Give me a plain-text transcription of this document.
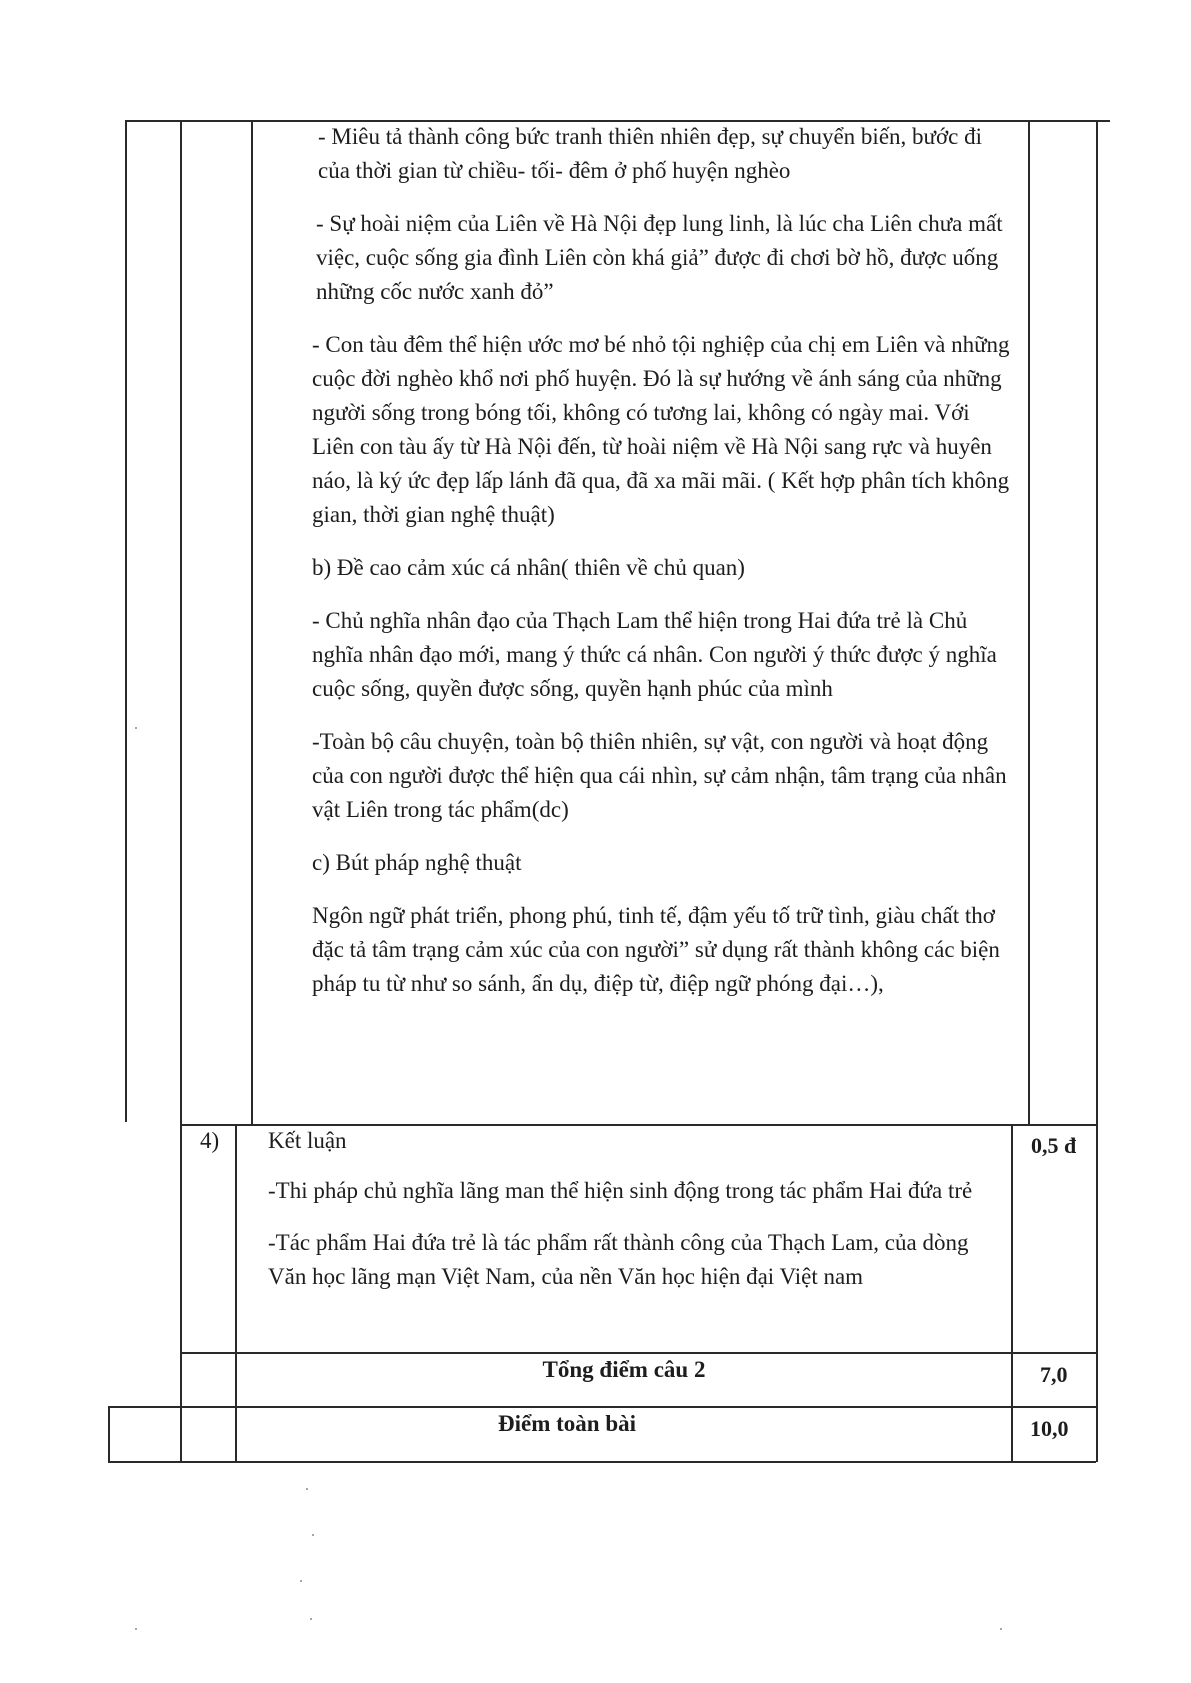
- Miêu tả thành công bức tranh thiên nhiên đẹp, sự chuyển biến, bước đi của thời gian từ chiều- tối- đêm ở phố huyện nghèo

- Sự hoài niệm của Liên về Hà Nội đẹp lung linh, là lúc cha Liên chưa mất việc, cuộc sống gia đình Liên còn khá giả” được đi chơi bờ hồ, được uống những cốc nước xanh đỏ”

- Con tàu đêm thể hiện ước mơ bé nhỏ tội nghiệp của chị em Liên và những cuộc đời nghèo khổ nơi phố huyện. Đó là sự hướng về ánh sáng của những người sống trong bóng tối, không có tương lai, không có ngày mai. Với Liên con tàu ấy từ Hà Nội đến, từ hoài niệm về Hà Nội sang rực và huyên náo, là ký ức đẹp lấp lánh đã qua, đã xa mãi mãi. ( Kết hợp phân tích không gian, thời gian nghệ thuật)

b) Đề cao cảm xúc cá nhân( thiên về chủ quan)

- Chủ nghĩa nhân đạo của Thạch Lam thể hiện trong Hai đứa trẻ là Chủ nghĩa nhân đạo mới, mang ý thức cá nhân. Con người ý thức được ý nghĩa cuộc sống, quyền được sống, quyền hạnh phúc của mình

-Toàn bộ câu chuyện, toàn bộ thiên nhiên, sự vật, con người và hoạt động của con người được thể hiện qua cái nhìn, sự cảm nhận, tâm trạng của nhân vật Liên trong tác phẩm(dc)

c) Bút pháp nghệ thuật

Ngôn ngữ phát triển, phong phú, tinh tế, đậm yếu tố trữ tình, giàu chất thơ đặc tả tâm trạng cảm xúc của con người” sử dụng rất thành không các biện pháp tu từ như so sánh, ẩn dụ, điệp từ, điệp ngữ phóng đại…),

4) Kết luận

-Thi pháp chủ nghĩa lãng man thể hiện sinh động trong tác phẩm Hai đứa trẻ

-Tác phẩm Hai đứa trẻ là tác phẩm rất thành công của Thạch Lam, của dòng Văn học lãng mạn Việt Nam, của nền Văn học hiện đại Việt nam

0,5 đ
Tổng điểm câu 2	7,0
Điểm toàn bài	10,0
